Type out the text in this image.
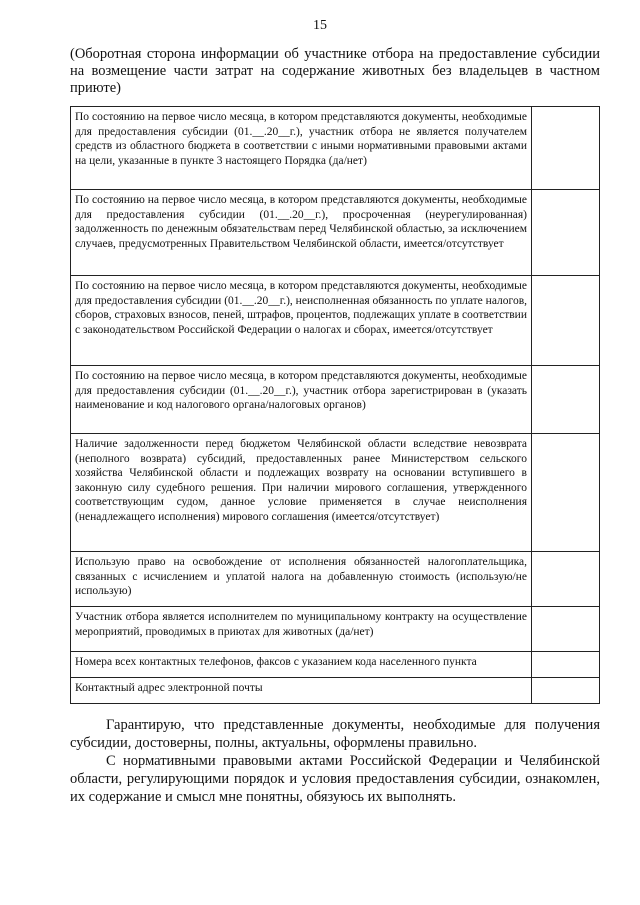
15
(Оборотная сторона информации об участнике отбора на предоставление субсидии на возмещение части затрат на содержание животных без владельцев в частном приюте)
По состоянию на первое число месяца, в котором представляются документы, необходимые для предоставления субсидии (01.__.20__г.), участник отбора не является получателем средств из областного бюджета в соответствии с иными нормативными правовыми актами на цели, указанные в пункте 3 настоящего Порядка (да/нет)	
По состоянию на первое число месяца, в котором представляются документы, необходимые для предоставления субсидии (01.__.20__г.), просроченная (неурегулированная) задолженность по денежным обязательствам перед Челябинской областью, за исключением случаев, предусмотренных Правительством Челябинской области, имеется/отсутствует	
По состоянию на первое число месяца, в котором представляются документы, необходимые для предоставления субсидии (01.__.20__г.), неисполненная обязанность по уплате налогов, сборов, страховых взносов, пеней, штрафов, процентов, подлежащих уплате в соответствии с законодательством Российской Федерации о налогах и сборах, имеется/отсутствует	
По состоянию на первое число месяца, в котором представляются документы, необходимые для предоставления субсидии (01.__.20__г.), участник отбора зарегистрирован в (указать наименование и код налогового органа/налоговых органов)	
Наличие задолженности перед бюджетом Челябинской области вследствие невозврата (неполного возврата) субсидий, предоставленных ранее Министерством сельского хозяйства Челябинской области и подлежащих возврату на основании вступившего в законную силу судебного решения. При наличии мирового соглашения, утвержденного соответствующим судом, данное условие применяется в случае неисполнения (ненадлежащего исполнения) мирового соглашения (имеется/отсутствует)	
Использую право на освобождение от исполнения обязанностей налогоплательщика, связанных с исчислением и уплатой налога на добавленную стоимость (использую/не использую)	
Участник отбора является исполнителем по муниципальному контракту на осуществление мероприятий, проводимых в приютах для животных (да/нет)	
Номера всех контактных телефонов, факсов с указанием кода населенного пункта	
Контактный адрес электронной почты	

Гарантирую, что представленные документы, необходимые для получения субсидии, достоверны, полны, актуальны, оформлены правильно.

С нормативными правовыми актами Российской Федерации и Челябинской области, регулирующими порядок и условия предоставления субсидии, ознакомлен, их содержание и смысл мне понятны, обязуюсь их выполнять.
